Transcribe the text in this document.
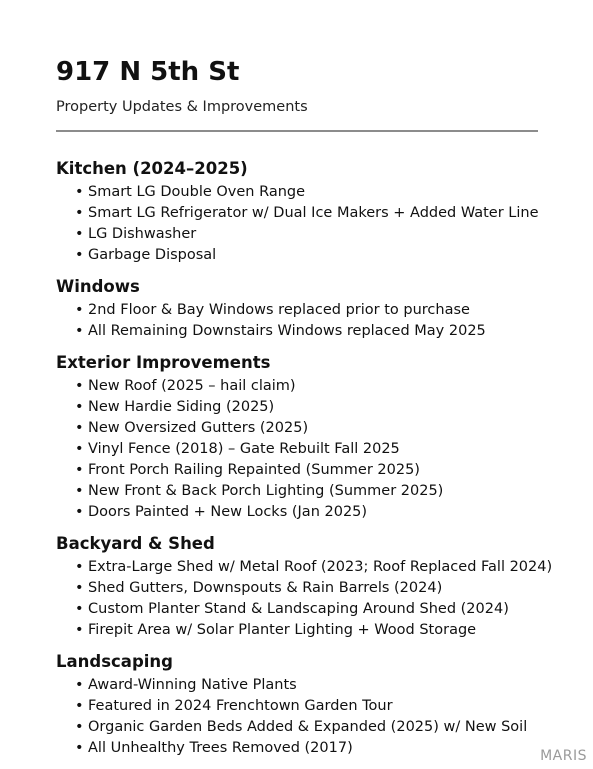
917 N 5th St
Property Updates & Improvements
Kitchen (2024–2025)
• Smart LG Double Oven Range
• Smart LG Refrigerator w/ Dual Ice Makers + Added Water Line
• LG Dishwasher
• Garbage Disposal
Windows
• 2nd Floor & Bay Windows replaced prior to purchase
• All Remaining Downstairs Windows replaced May 2025
Exterior Improvements
• New Roof (2025 – hail claim)
• New Hardie Siding (2025)
• New Oversized Gutters (2025)
• Vinyl Fence (2018) – Gate Rebuilt Fall 2025
• Front Porch Railing Repainted (Summer 2025)
• New Front & Back Porch Lighting (Summer 2025)
• Doors Painted + New Locks (Jan 2025)
Backyard & Shed
• Extra-Large Shed w/ Metal Roof (2023; Roof Replaced Fall 2024)
• Shed Gutters, Downspouts & Rain Barrels (2024)
• Custom Planter Stand & Landscaping Around Shed (2024)
• Firepit Area w/ Solar Planter Lighting + Wood Storage
Landscaping
• Award-Winning Native Plants
• Featured in 2024 Frenchtown Garden Tour
• Organic Garden Beds Added & Expanded (2025) w/ New Soil
• All Unhealthy Trees Removed (2017)	MARIS
